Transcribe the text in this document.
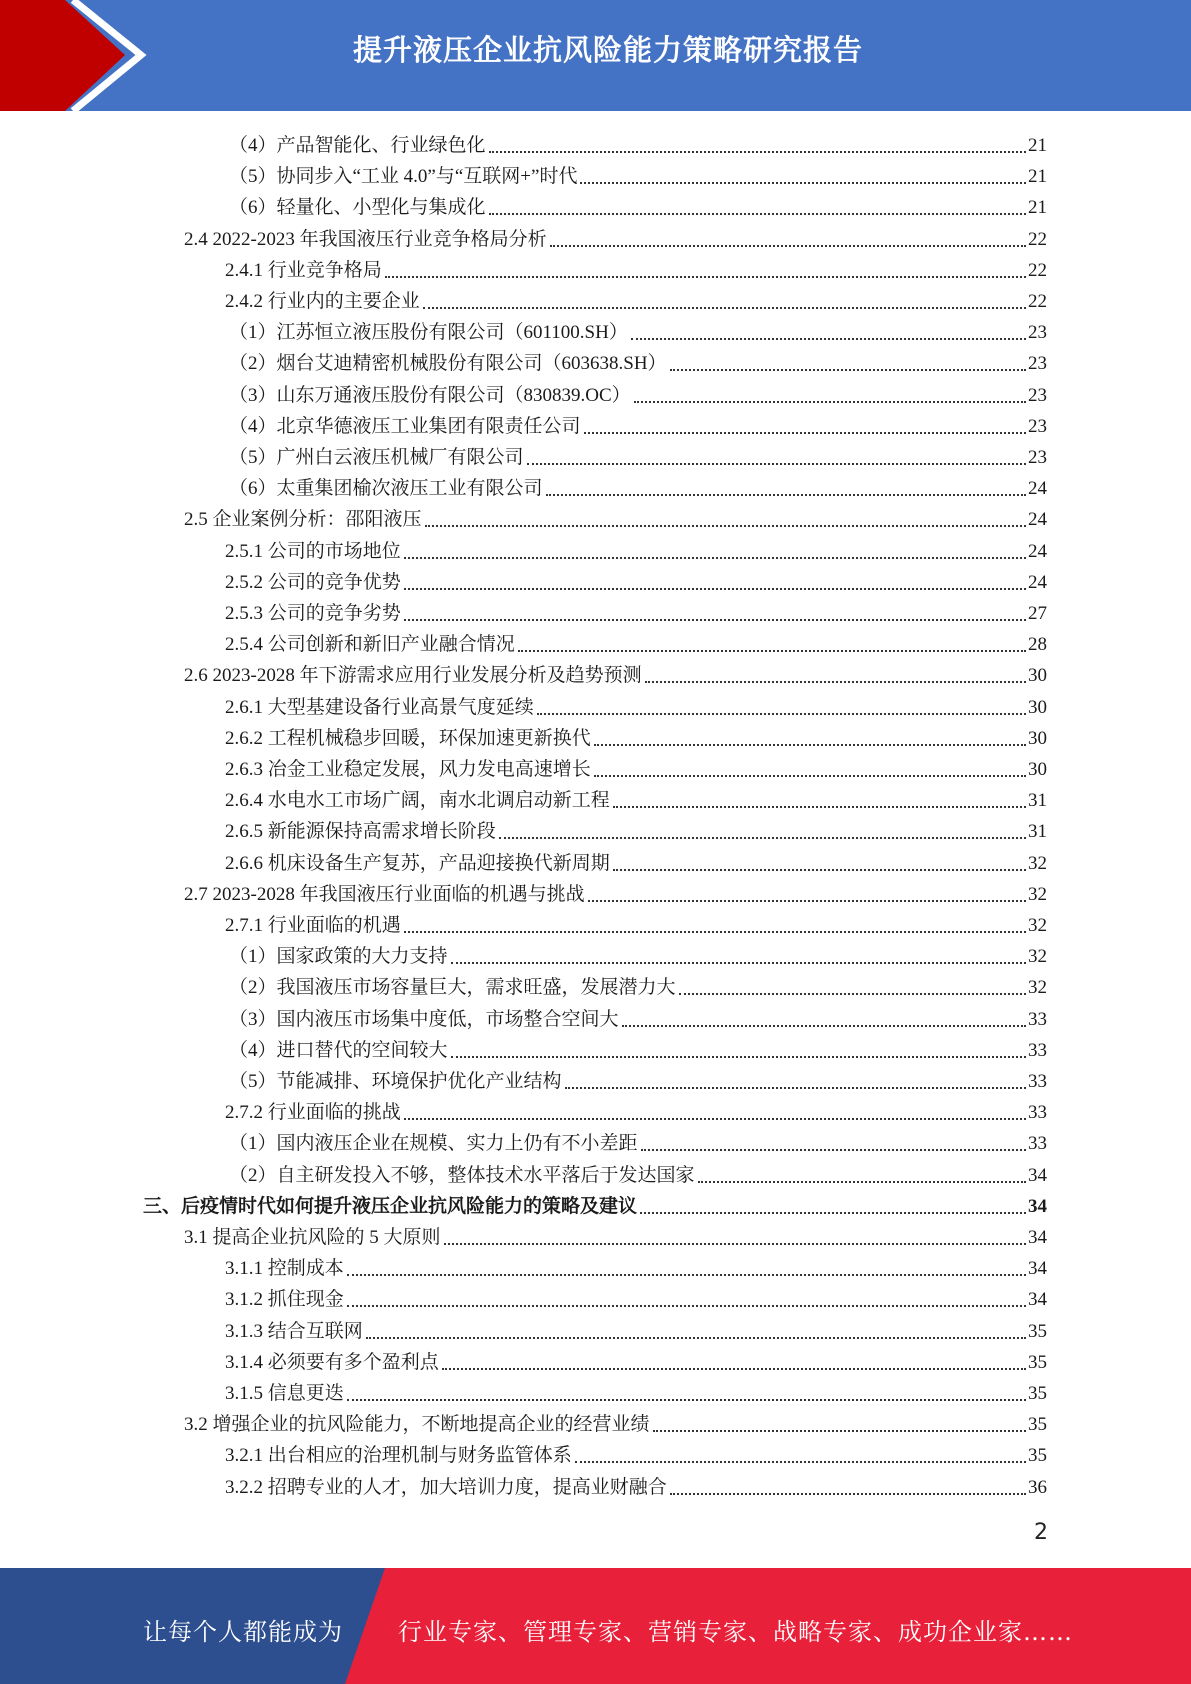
提升液压企业抗风险能力策略研究报告
（4）产品智能化、行业绿色化	21
（5）协同步入“工业 4.0”与“互联网+”时代	21
（6）轻量化、小型化与集成化	21
2.4 2022-2023 年我国液压行业竞争格局分析	22
2.4.1 行业竞争格局	22
2.4.2 行业内的主要企业	22
（1）江苏恒立液压股份有限公司（601100.SH）	23
（2）烟台艾迪精密机械股份有限公司（603638.SH）	23
（3）山东万通液压股份有限公司（830839.OC）	23
（4）北京华德液压工业集团有限责任公司	23
（5）广州白云液压机械厂有限公司	23
（6）太重集团榆次液压工业有限公司	24
2.5 企业案例分析：邵阳液压	24
2.5.1 公司的市场地位	24
2.5.2 公司的竞争优势	24
2.5.3 公司的竞争劣势	27
2.5.4 公司创新和新旧产业融合情况	28
2.6 2023-2028 年下游需求应用行业发展分析及趋势预测	30
2.6.1 大型基建设备行业高景气度延续	30
2.6.2 工程机械稳步回暖，环保加速更新换代	30
2.6.3 冶金工业稳定发展，风力发电高速增长	30
2.6.4 水电水工市场广阔，南水北调启动新工程	31
2.6.5 新能源保持高需求增长阶段	31
2.6.6 机床设备生产复苏，产品迎接换代新周期	32
2.7 2023-2028 年我国液压行业面临的机遇与挑战	32
2.7.1 行业面临的机遇	32
（1）国家政策的大力支持	32
（2）我国液压市场容量巨大，需求旺盛，发展潜力大	32
（3）国内液压市场集中度低，市场整合空间大	33
（4）进口替代的空间较大	33
（5）节能减排、环境保护优化产业结构	33
2.7.2 行业面临的挑战	33
（1）国内液压企业在规模、实力上仍有不小差距	33
（2）自主研发投入不够，整体技术水平落后于发达国家	34
三、后疫情时代如何提升液压企业抗风险能力的策略及建议	34
3.1 提高企业抗风险的 5 大原则	34
3.1.1 控制成本	34
3.1.2 抓住现金	34
3.1.3 结合互联网	35
3.1.4 必须要有多个盈利点	35
3.1.5 信息更迭	35
3.2 增强企业的抗风险能力，不断地提高企业的经营业绩	35
3.2.1 出台相应的治理机制与财务监管体系	35
3.2.2 招聘专业的人才，加大培训力度，提高业财融合	36
2
让每个人都能成为 行业专家、管理专家、营销专家、战略专家、成功企业家……
